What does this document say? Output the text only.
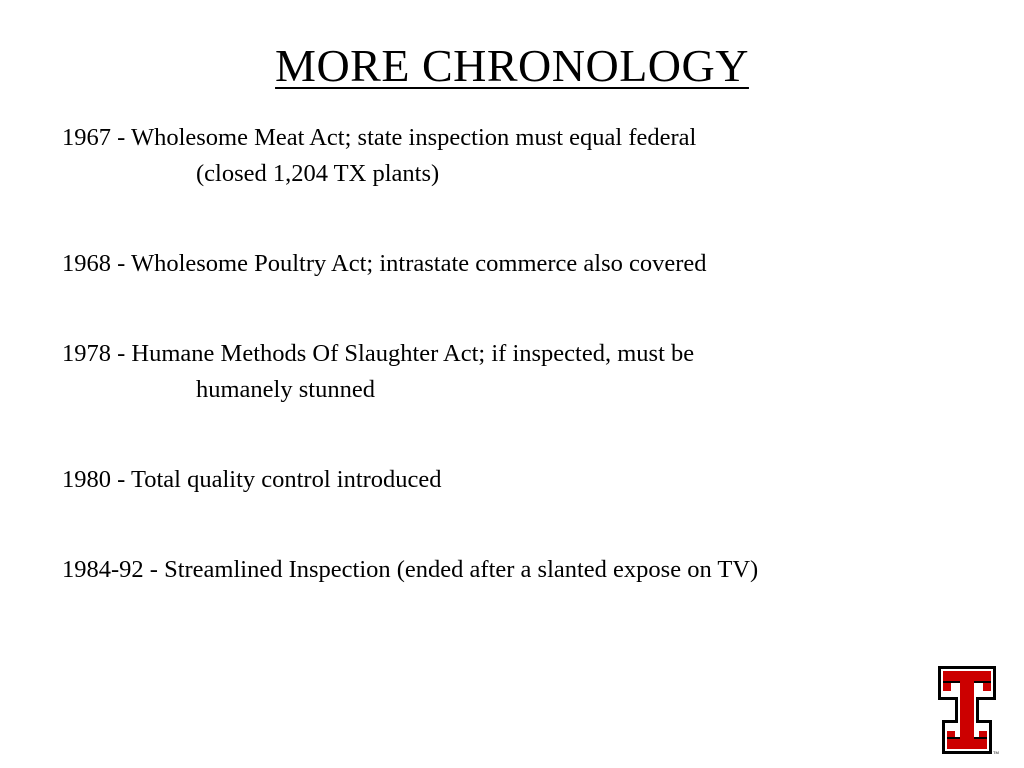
MORE CHRONOLOGY
1967 - Wholesome Meat Act; state inspection must equal federal
(closed 1,204 TX plants)
1968 - Wholesome Poultry Act; intrastate commerce also covered
1978 - Humane Methods Of Slaughter Act; if inspected, must be
humanely stunned
1980 - Total quality control introduced
1984-92 - Streamlined Inspection (ended after a slanted expose on TV)
TM
